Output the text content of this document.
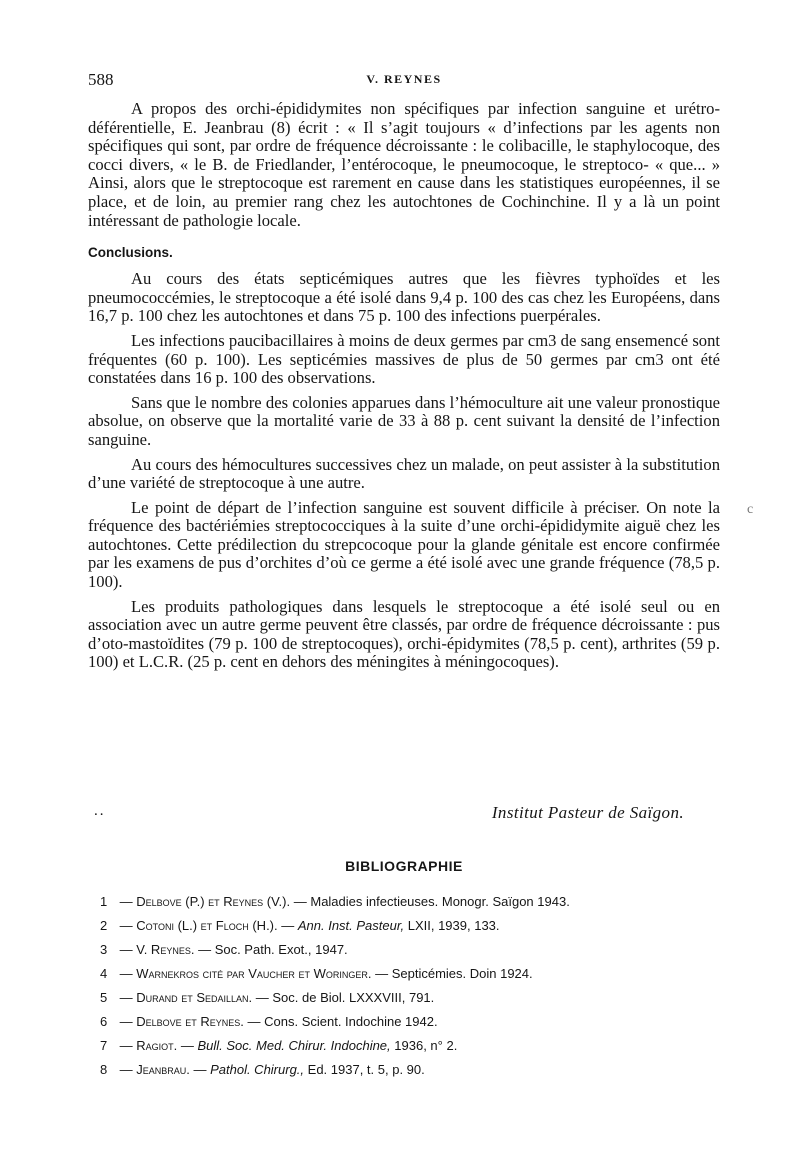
588	V. REYNES

A propos des orchi-épididymites non spécifiques par infection sanguine et urétro-déférentielle, E. Jeanbrau (8) écrit : « Il s’agit toujours « d’infections par les agents non spécifiques qui sont, par ordre de fréquence décroissante : le colibacille, le staphylocoque, des cocci divers, « le B. de Friedlander, l’entérocoque, le pneumocoque, le streptoco- « que... » Ainsi, alors que le streptocoque est rarement en cause dans les statistiques européennes, il se place, et de loin, au premier rang chez les autochtones de Cochinchine. Il y a là un point intéressant de pathologie locale.

Conclusions.

Au cours des états septicémiques autres que les fièvres typhoïdes et les pneumococcémies, le streptocoque a été isolé dans 9,4 p. 100 des cas chez les Européens, dans 16,7 p. 100 chez les autochtones et dans 75 p. 100 des infections puerpérales.

Les infections paucibacillaires à moins de deux germes par cm3 de sang ensemencé sont fréquentes (60 p. 100). Les septicémies massives de plus de 50 germes par cm3 ont été constatées dans 16 p. 100 des observations.

Sans que le nombre des colonies apparues dans l’hémoculture ait une valeur pronostique absolue, on observe que la mortalité varie de 33 à 88 p. cent suivant la densité de l’infection sanguine.

Au cours des hémocultures successives chez un malade, on peut assister à la substitution d’une variété de streptocoque à une autre.

Le point de départ de l’infection sanguine est souvent difficile à préciser. On note la fréquence des bactériémies streptococciques à la suite d’une orchi-épididymite aiguë chez les autochtones. Cette prédilection du strepcocoque pour la glande génitale est encore confirmée par les examens de pus d’orchites d’où ce germe a été isolé avec une grande fréquence (78,5 p. 100).

Les produits pathologiques dans lesquels le streptocoque a été isolé seul ou en association avec un autre germe peuvent être classés, par ordre de fréquence décroissante : pus d’oto-mastoïdites (79 p. 100 de streptocoques), orchi-épidymites (78,5 p. cent), arthrites (59 p. 100) et L.C.R. (25 p. cent en dehors des méningites à méningocoques).

c
..	Institut Pasteur de Saïgon.
BIBLIOGRAPHIE
1 — Delbove (P.) et Reynes (V.). — Maladies infectieuses. Monogr. Saïgon 1943.
2 — Cotoni (L.) et Floch (H.). — Ann. Inst. Pasteur, LXII, 1939, 133.
3 — V. Reynes. — Soc. Path. Exot., 1947.
4 — Warnekros cité par Vaucher et Woringer. — Septicémies. Doin 1924.
5 — Durand et Sedaillan. — Soc. de Biol. LXXXVIII, 791.
6 — Delbove et Reynes. — Cons. Scient. Indochine 1942.
7 — Ragiot. — Bull. Soc. Med. Chirur. Indochine, 1936, n° 2.
8 — Jeanbrau. — Pathol. Chirurg., Ed. 1937, t. 5, p. 90.
